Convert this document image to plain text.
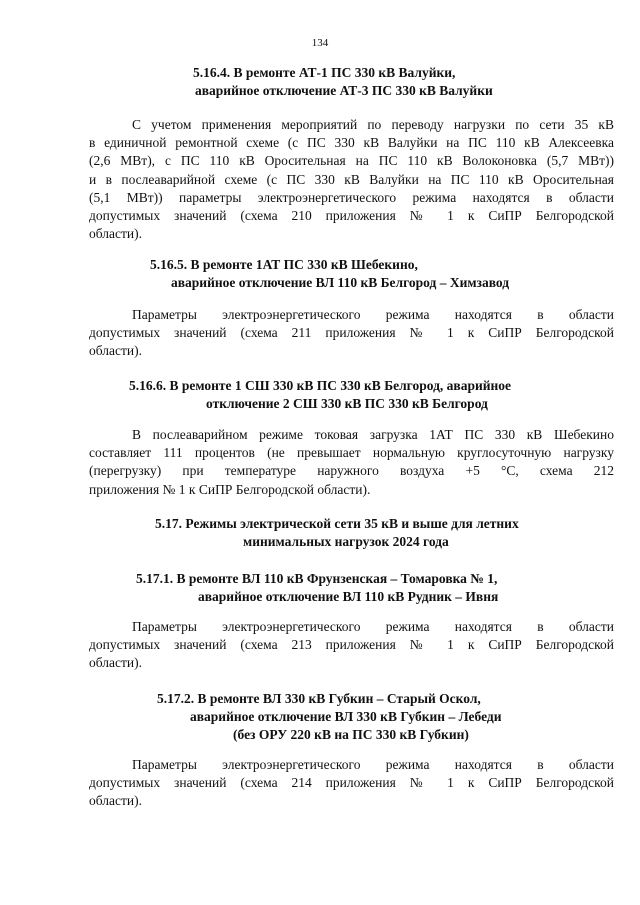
134
5.16.4. В ремонте АТ-1 ПС 330 кВ Валуйки,
аварийное отключение АТ-3 ПС 330 кВ Валуйки
С учетом применения мероприятий по переводу нагрузки по сети 35 кВ
в единичной ремонтной схеме (с ПС 330 кВ Валуйки на ПС 110 кВ Алексеевка
(2,6 МВт), с ПС 110 кВ Оросительная на ПС 110 кВ Волоконовка (5,7 МВт))
и в послеаварийной схеме (с ПС 330 кВ Валуйки на ПС 110 кВ Оросительная
(5,1 МВт)) параметры электроэнергетического режима находятся в области
допустимых значений (схема 210 приложения № 1 к СиПР Белгородской
области).
5.16.5. В ремонте 1АТ ПС 330 кВ Шебекино,
аварийное отключение ВЛ 110 кВ Белгород – Химзавод
Параметры электроэнергетического режима находятся в области
допустимых значений (схема 211 приложения № 1 к СиПР Белгородской
области).
5.16.6. В ремонте 1 СШ 330 кВ ПС 330 кВ Белгород, аварийное
отключение 2 СШ 330 кВ ПС 330 кВ Белгород
В послеаварийном режиме токовая загрузка 1АТ ПС 330 кВ Шебекино
составляет 111 процентов (не превышает нормальную круглосуточную нагрузку
(перегрузку) при температуре наружного воздуха +5 °С, схема 212
приложения № 1 к СиПР Белгородской области).
5.17. Режимы электрической сети 35 кВ и выше для летних
минимальных нагрузок 2024 года
5.17.1. В ремонте ВЛ 110 кВ Фрунзенская – Томаровка № 1,
аварийное отключение ВЛ 110 кВ Рудник – Ивня
Параметры электроэнергетического режима находятся в области
допустимых значений (схема 213 приложения № 1 к СиПР Белгородской
области).
5.17.2. В ремонте ВЛ 330 кВ Губкин – Старый Оскол,
аварийное отключение ВЛ 330 кВ Губкин – Лебеди
(без ОРУ 220 кВ на ПС 330 кВ Губкин)
Параметры электроэнергетического режима находятся в области
допустимых значений (схема 214 приложения № 1 к СиПР Белгородской
области).
